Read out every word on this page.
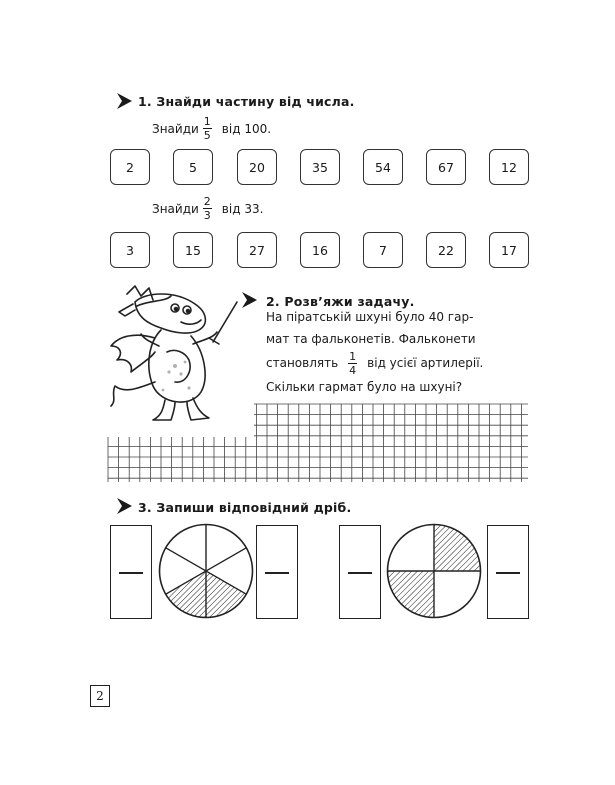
1. Знайди частину від числа.
Знайди $\frac{1}{5}$ від 100.
2	5	20	35	54	67	12
Знайди $\frac{2}{3}$ від 33.
3	15	27	16	7	22	17
2. Розв’яжи задачу.
На піратській шхуні було 40 гар-
мат та фальконетів. Фальконети
становлять $\frac{1}{4}$ від усієї артилерії.
Скільки гармат було на шхуні?
3. Запиши відповідний дріб.
2
